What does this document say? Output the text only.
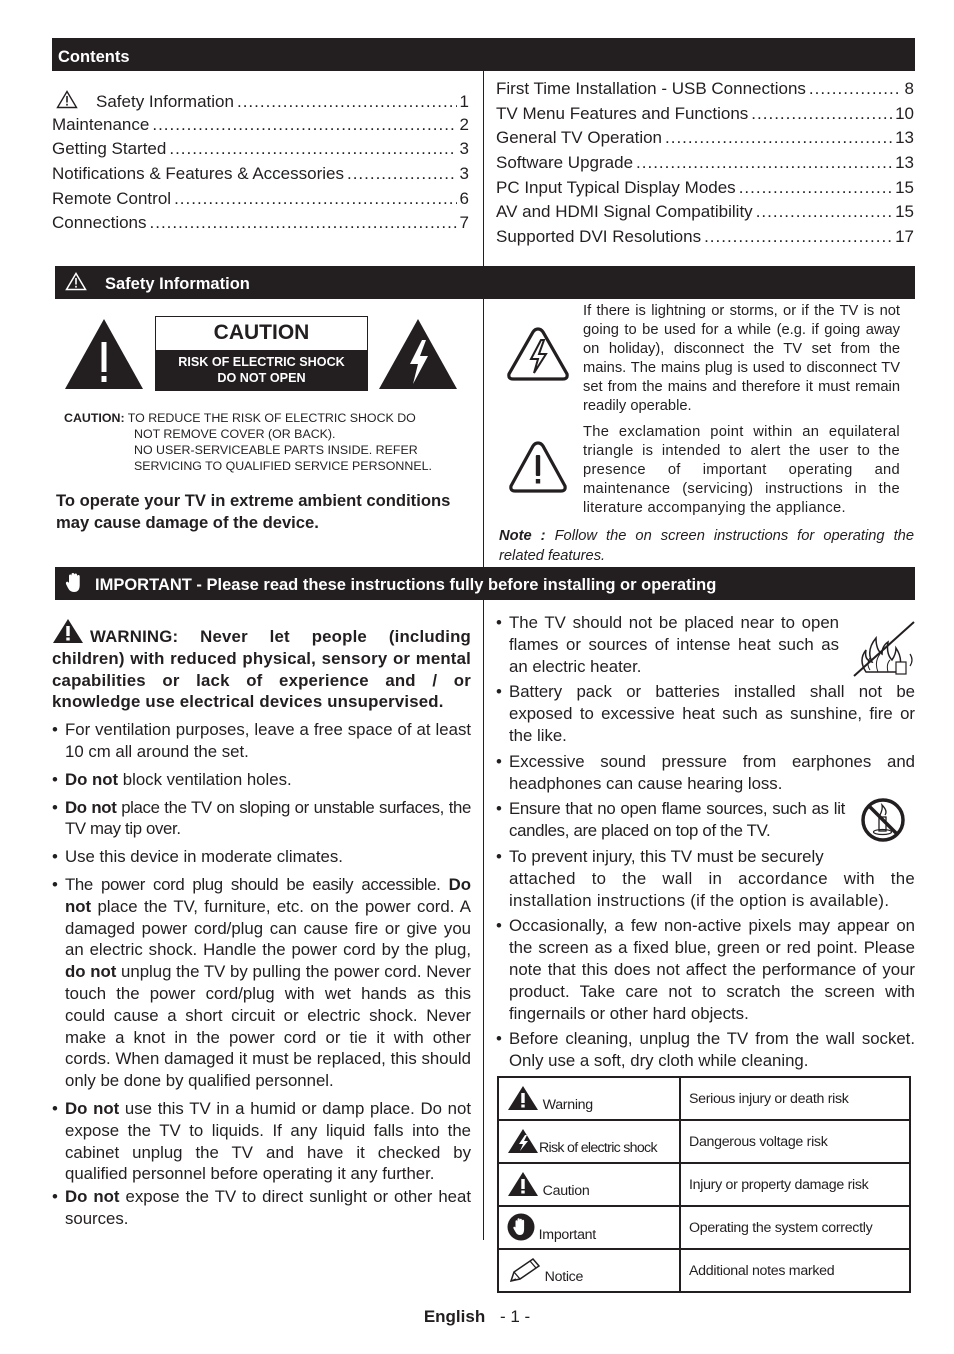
Contents
Safety Information .....	1
Maintenance .....	2
Getting Started .....	3
Notifications & Features & Accessories .....	3
Remote Control .....	6
Connections .....	7
First Time Installation - USB Connections .....	8
TV Menu Features and Functions .....	10
General TV Operation .....	13
Software Upgrade .....	13
PC Input Typical Display Modes .....	15
AV and HDMI Signal Compatibility .....	15
Supported DVI Resolutions .....	17
Safety Information
CAUTION
RISK OF ELECTRIC SHOCK
DO NOT OPEN
CAUTION: TO REDUCE THE RISK OF ELECTRIC SHOCK DO
NOT REMOVE COVER (OR BACK).
NO USER-SERVICEABLE PARTS INSIDE. REFER
SERVICING TO QUALIFIED SERVICE PERSONNEL.
To operate your TV in extreme ambient conditions may cause damage of the device.
If there is lightning or storms, or if the TV is not going to be used for a while (e.g. if going away on holiday), disconnect the TV set from the mains. The mains plug is used to disconnect TV set from the mains and therefore it must remain readily operable.
The exclamation point within an equilateral triangle is intended to alert the user to the presence of important operating and maintenance (servicing) instructions in the literature accompanying the appliance.
Note : Follow the on screen instructions for operating the related features.
IMPORTANT - Please read these instructions fully before installing or operating
WARNING: Never let people (including children) with reduced physical, sensory or mental capabilities or lack of experience and / or knowledge use electrical devices unsupervised.
• For ventilation purposes, leave a free space of at least 10 cm all around the set.
• Do not block ventilation holes.
• Do not place the TV on sloping or unstable surfaces, the TV may tip over.
• Use this device in moderate climates.
• The power cord plug should be easily accessible. Do not place the TV, furniture, etc. on the power cord. A damaged power cord/plug can cause fire or give you an electric shock. Handle the power cord by the plug, do not unplug the TV by pulling the power cord. Never touch the power cord/plug with wet hands as this could cause a short circuit or electric shock. Never make a knot in the power cord or tie it with other cords. When damaged it must be replaced, this should only be done by qualified personnel.
• Do not use this TV in a humid or damp place. Do not expose the TV to liquids. If any liquid falls into the cabinet unplug the TV and have it checked by qualified personnel before operating it any further.
• Do not expose the TV to direct sunlight or other heat sources.
• The TV should not be placed near to open flames or sources of intense heat such as an electric heater.
• Battery pack or batteries installed shall not be exposed to excessive heat such as sunshine, fire or the like.
• Excessive sound pressure from earphones and headphones can cause hearing loss.
• Ensure that no open flame sources, such as lit candles, are placed on top of the TV.
• To prevent injury, this TV must be securely
attached to the wall in accordance with the installation instructions (if the option is available).
• Occasionally, a few non-active pixels may appear on the screen as a fixed blue, green or red point. Please note that this does not affect the performance of your product. Take care not to scratch the screen with fingernails or other hard objects.
• Before cleaning, unplug the TV from the wall socket. Only use a soft, dry cloth while cleaning.
Warning	Serious injury or death risk
Risk of electric shock	Dangerous voltage risk
Caution	Injury or property damage risk
Important	Operating the system correctly
Notice	Additional notes marked
English - 1 -
